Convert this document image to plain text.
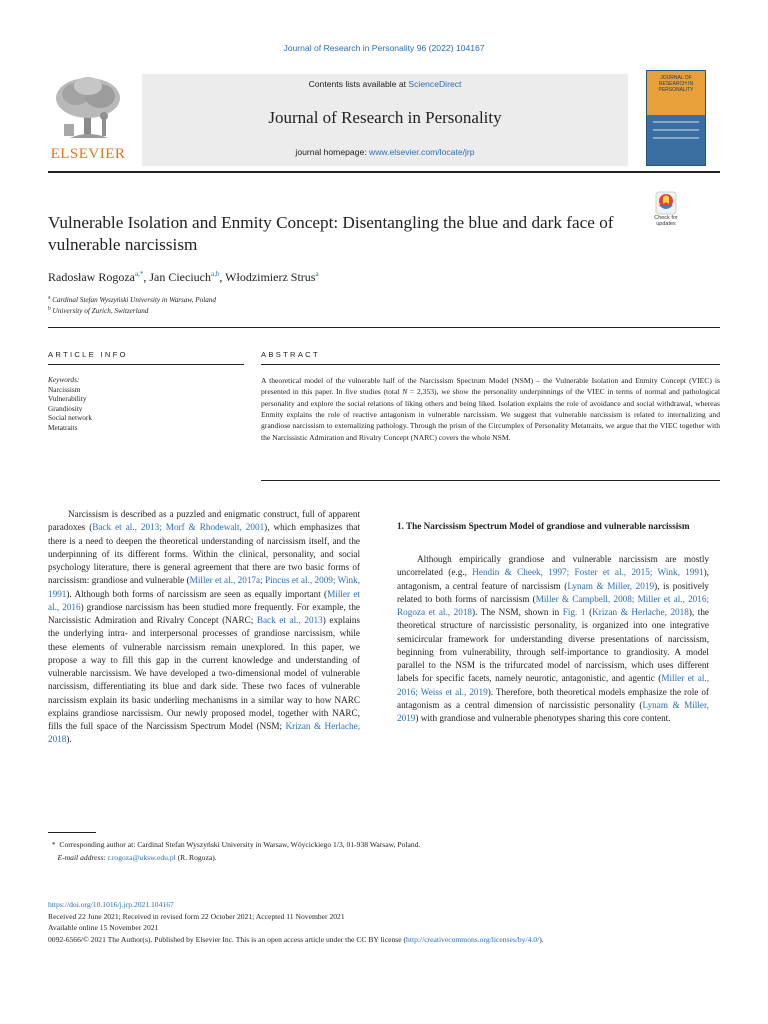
Journal of Research in Personality 96 (2022) 104167
ELSEVIER
Contents lists available at ScienceDirect
Journal of Research in Personality
journal homepage: www.elsevier.com/locate/jrp
JOURNAL OF RESEARCH IN PERSONALITY
Vulnerable Isolation and Enmity Concept: Disentangling the blue and dark face of vulnerable narcissism
Check for updates
Radosław Rogoza$^{a,*}$, Jan Cieciuch$^{a,b}$, Włodzimierz Strus$^a$
$^a$ Cardinal Stefan Wyszyński University in Warsaw, Poland
$^b$ University of Zurich, Switzerland
ARTICLE INFO	ABSTRACT
Keywords:
Narcissism
Vulnerability
Grandiosity
Social network
Metatraits
A theoretical model of the vulnerable half of the Narcissism Spectrum Model (NSM) – the Vulnerable Isolation and Enmity Concept (VIEC) is presented in this paper. In five studies (total N = 2,353), we show the personality underpinnings of the VIEC in terms of normal and pathological personality and explore the social relations of liking others and being liked. Isolation explains the role of avoidance and social withdrawal, whereas Enmity explains the role of reactive antagonism in vulnerable narcissism. We suggest that vulnerable narcissism is related to internalizing and grandiose narcissism to externalizing pathology. Through the prism of the Circumplex of Personality Metatraits, we argue that the VIEC together with the Narcissistic Admiration and Rivalry Concept (NARC) covers the whole NSM.

Narcissism is described as a puzzled and enigmatic construct, full of apparent paradoxes (Back et al., 2013; Morf & Rhodewalt, 2001), which emphasizes that there is a need to deepen the theoretical understanding of narcissism itself, and the underpinning of its different forms. Within the clinical, personality, and social psychology literature, there is general agreement that there are two basic forms of narcissism: grandiose and vulnerable (Miller et al., 2017a; Pincus et al., 2009; Wink, 1991). Although both forms of narcissism are seen as equally important (Miller et al., 2016) grandiose narcissism has been studied more frequently. For example, the Narcissistic Admiration and Rivalry Concept (NARC; Back et al., 2013) explains the underlying intra- and interpersonal processes of grandiose narcissism, while these elements of vulnerable narcissism remain unexplored. In this paper, we propose a way to fill this gap in the current knowledge and understanding of vulnerable narcissism. We have developed a two-dimensional model of vulnerable narcissism, differentiating its blue and dark side. These two faces of vulnerable narcissism explain its basic underling mechanisms in a similar way to how NARC explains grandiose narcissism. Our newly proposed model, together with NARC, fills the full space of the Narcissism Spectrum Model (NSM; Krizan & Herlache, 2018).

1. The Narcissism Spectrum Model of grandiose and vulnerable narcissism

Although empirically grandiose and vulnerable narcissism are mostly uncorrelated (e.g., Hendin & Cheek, 1997; Foster et al., 2015; Wink, 1991), antagonism, a central feature of narcissism (Lynam & Miller, 2019), is positively related to both forms of narcissism (Miller & Campbell, 2008; Miller et al., 2016; Rogoza et al., 2018). The NSM, shown in Fig. 1 (Krizan & Herlache, 2018), the theoretical structure of narcissistic personality, is organized into one integrative semicircular framework for understanding diverse presentations of narcissism, beginning from vulnerability, through self-importance to grandiosity. A model parallel to the NSM is the trifurcated model of narcissism, which uses different labels for specific facets, namely neurotic, antagonistic, and agentic (Miller et al., 2016; Weiss et al., 2019). Therefore, both theoretical models emphasize the role of antagonism as a central dimension of narcissistic personality (Lynam & Miller, 2019) with grandiose and vulnerable phenotypes sharing this core content.

* Corresponding author at: Cardinal Stefan Wyszyński University in Warsaw, Wóycickiego 1/3, 01-938 Warsaw, Poland.
E-mail address: r.rogoza@uksw.edu.pl (R. Rogoza).
https://doi.org/10.1016/j.jrp.2021.104167
Received 22 June 2021; Received in revised form 22 October 2021; Accepted 11 November 2021
Available online 15 November 2021
0092-6566/© 2021 The Author(s). Published by Elsevier Inc. This is an open access article under the CC BY license (http://creativecommons.org/licenses/by/4.0/).
